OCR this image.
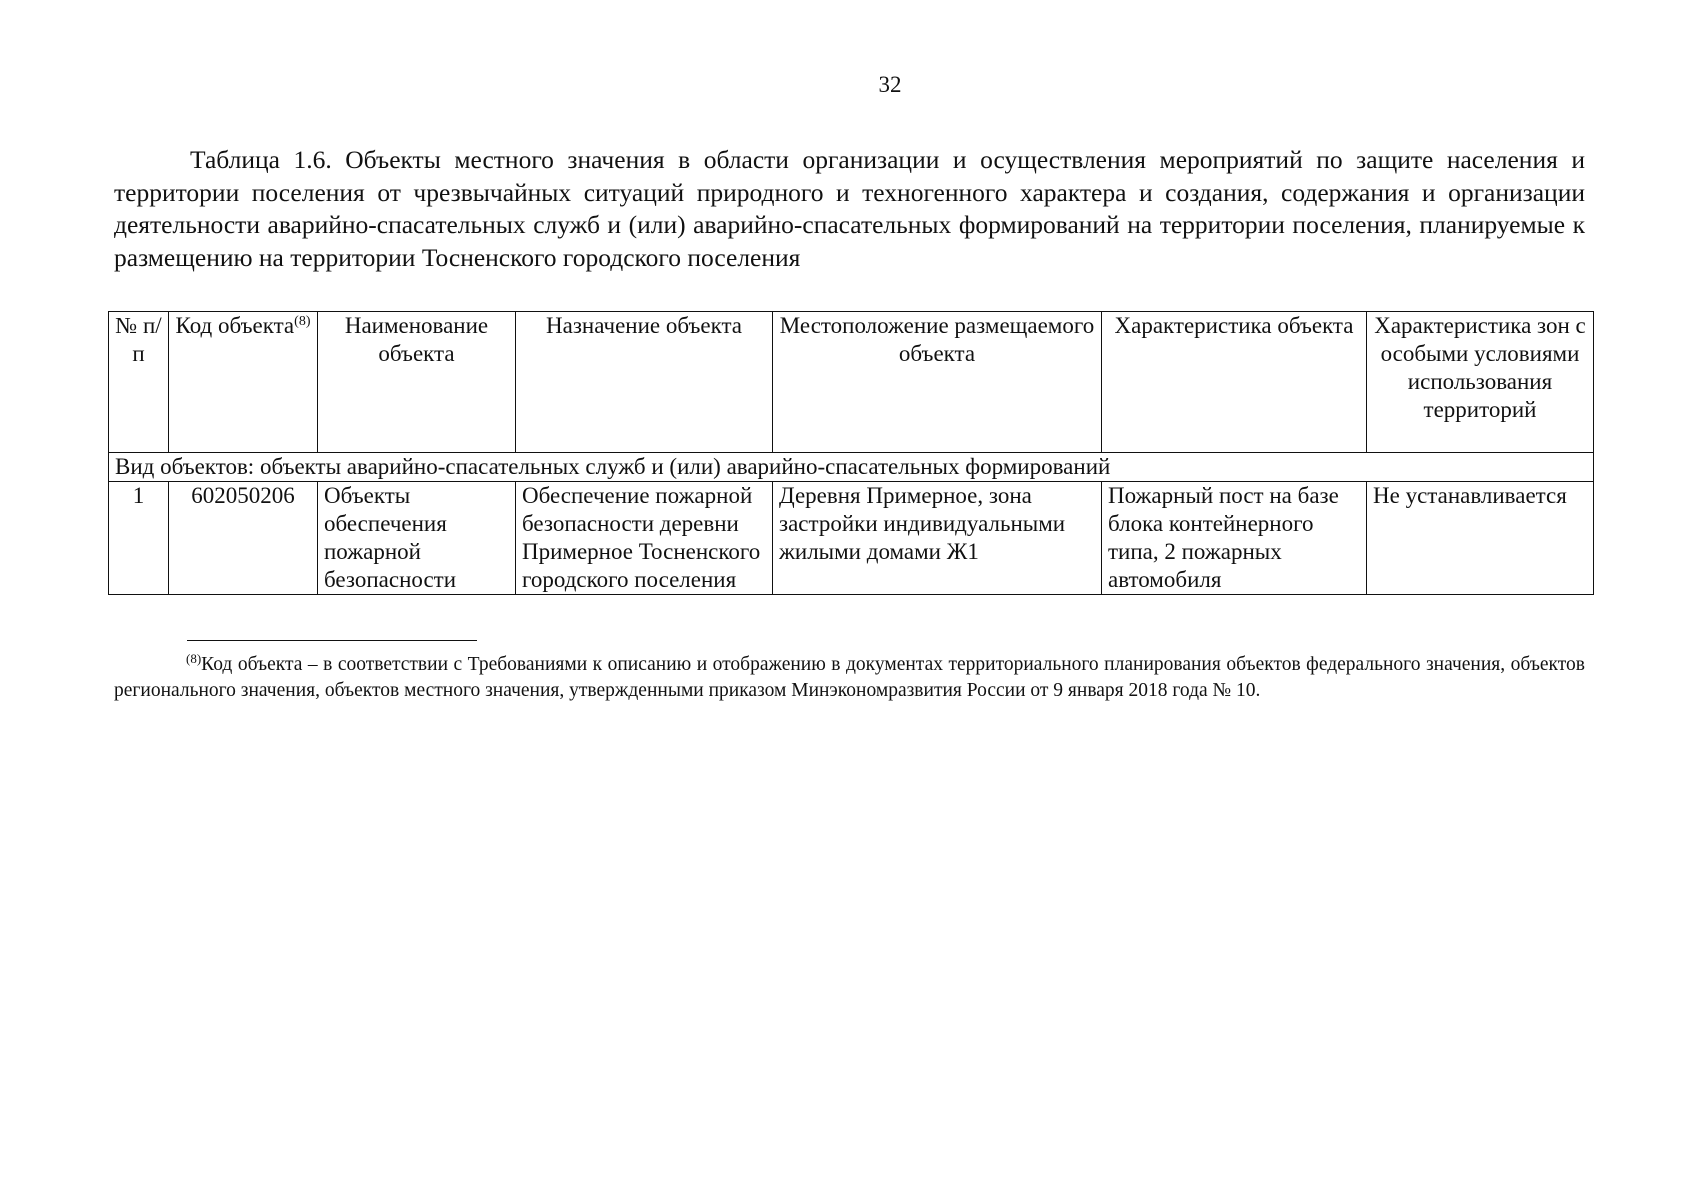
32
Таблица 1.6. Объекты местного значения в области организации и осуществления мероприятий по защите населения и территории поселения от чрезвычайных ситуаций природного и техногенного характера и создания, содержания и организации деятельности аварийно-спасательных служб и (или) аварийно-спасательных формирований на территории поселения, планируемые к размещению на территории Тосненского городского поселения
№ п/п	Код объекта$^{(8)}$	Наименование объекта	Назначение объекта	Местоположение размещаемого объекта	Характеристика объекта	Характеристика зон с особыми условиями использования территорий
Вид объектов: объекты аварийно-спасательных служб и (или) аварийно-спасательных формирований						
1	602050206	Объекты обеспечения пожарной безопасности	Обеспечение пожарной безопасности деревни Примерное Тосненского городского поселения	Деревня Примерное, зона застройки индивидуальными жилыми домами Ж1	Пожарный пост на базе блока контейнерного типа, 2 пожарных автомобиля	Не устанавливается
$^{(8)}$Код объекта – в соответствии с Требованиями к описанию и отображению в документах территориального планирования объектов федерального значения, объектов регионального значения, объектов местного значения, утвержденными приказом Минэкономразвития России от 9 января 2018 года № 10.
